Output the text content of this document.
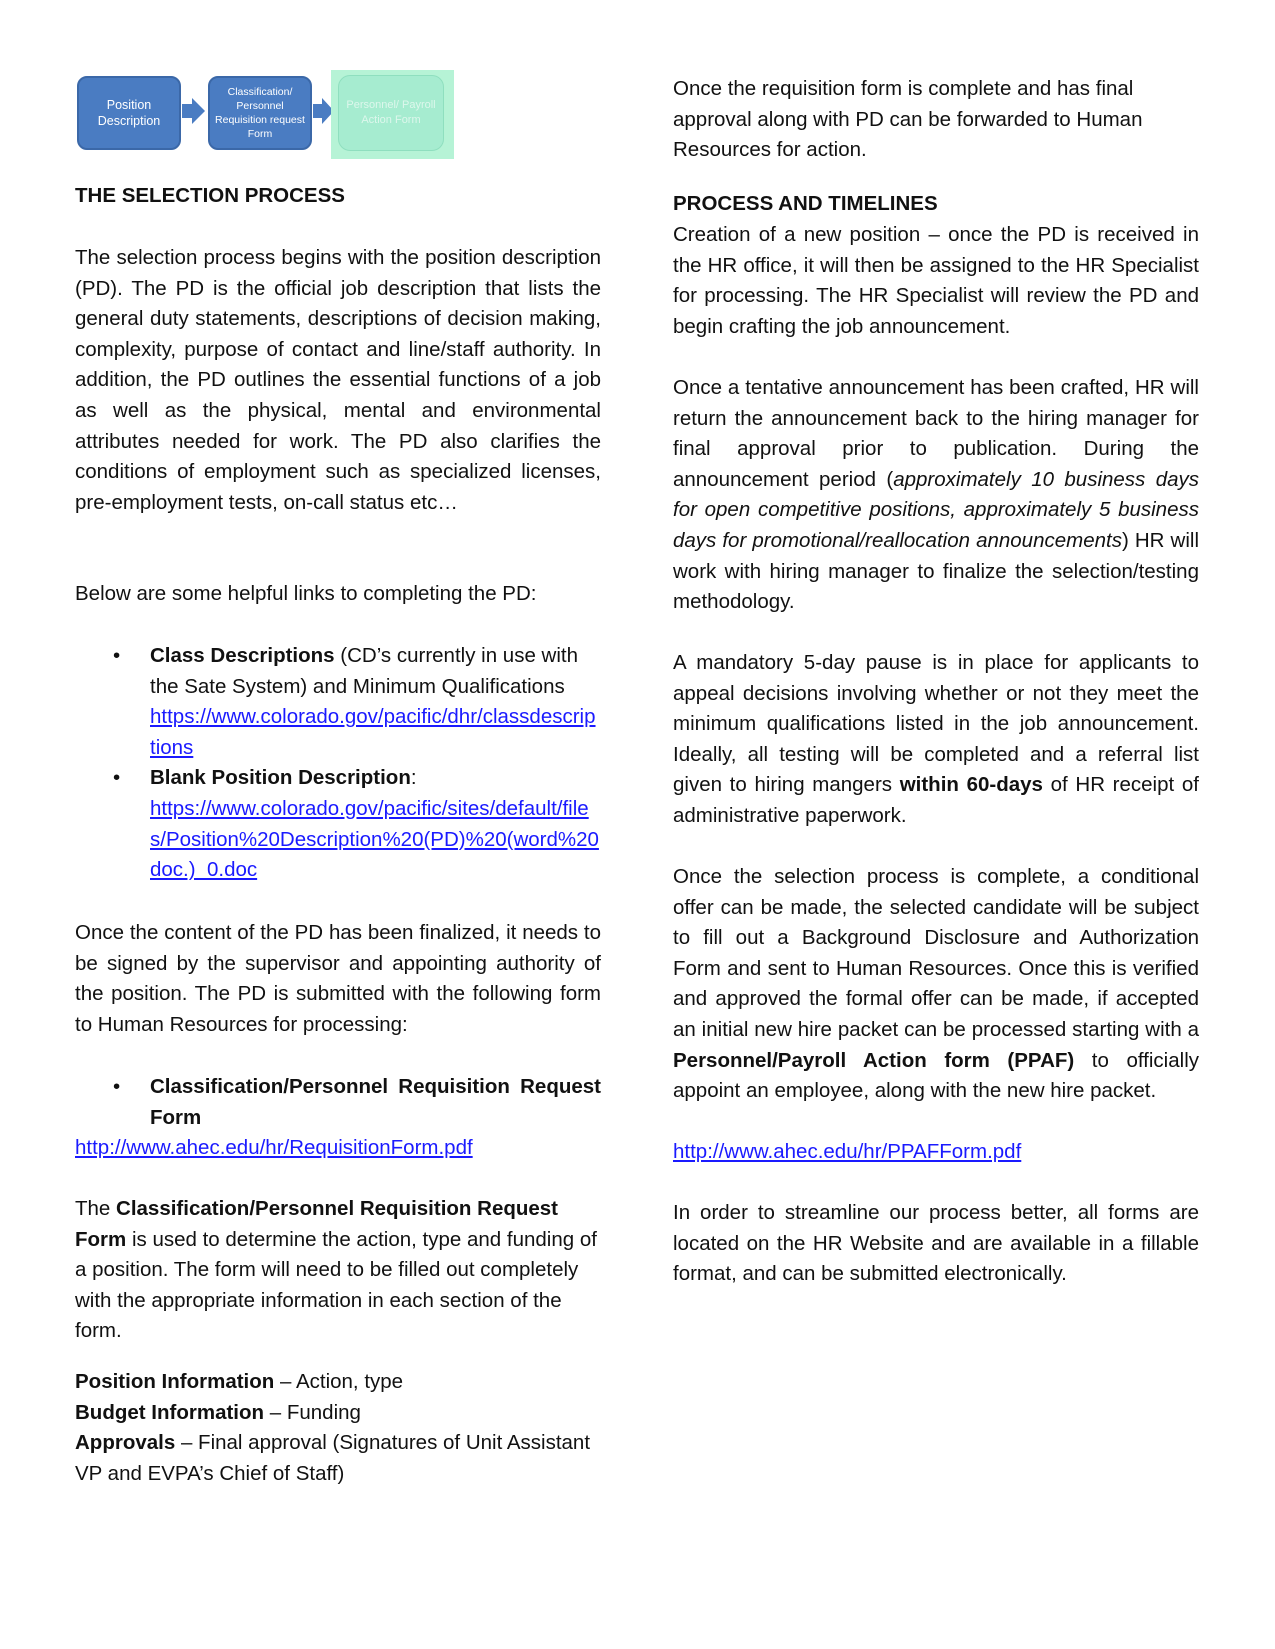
Position Description
Classification/ Personnel Requisition request Form
Personnel/ Payroll Action Form

THE SELECTION PROCESS

The selection process begins with the position description (PD). The PD is the official job description that lists the general duty statements, descriptions of decision making, complexity, purpose of contact and line/staff authority. In addition, the PD outlines the essential functions of a job as well as the physical, mental and environmental attributes needed for work. The PD also clarifies the conditions of employment such as specialized licenses, pre-employment tests, on-call status etc…

Below are some helpful links to completing the PD:

• Class Descriptions (CD’s currently in use with the Sate System) and Minimum Qualifications
https://www.colorado.gov/pacific/dhr/classdescriptions
• Blank Position Description:
https://www.colorado.gov/pacific/sites/default/files/Position%20Description%20(PD)%20(word%20doc.)_0.doc

Once the content of the PD has been finalized, it needs to be signed by the supervisor and appointing authority of the position. The PD is submitted with the following form to Human Resources for processing:

• Classification/Personnel Requisition Request Form

http://www.ahec.edu/hr/RequisitionForm.pdf

The Classification/Personnel Requisition Request Form is used to determine the action, type and funding of a position. The form will need to be filled out completely with the appropriate information in each section of the form.

Position Information – Action, type

Budget Information – Funding

Approvals – Final approval (Signatures of Unit Assistant VP and EVPA’s Chief of Staff)

Once the requisition form is complete and has final approval along with PD can be forwarded to Human Resources for action.

PROCESS AND TIMELINES

Creation of a new position – once the PD is received in the HR office, it will then be assigned to the HR Specialist for processing. The HR Specialist will review the PD and begin crafting the job announcement.

Once a tentative announcement has been crafted, HR will return the announcement back to the hiring manager for final approval prior to publication. During the announcement period (approximately 10 business days for open competitive positions, approximately 5 business days for promotional/reallocation announcements) HR will work with hiring manager to finalize the selection/testing methodology.

A mandatory 5-day pause is in place for applicants to appeal decisions involving whether or not they meet the minimum qualifications listed in the job announcement. Ideally, all testing will be completed and a referral list given to hiring mangers within 60-days of HR receipt of administrative paperwork.

Once the selection process is complete, a conditional offer can be made, the selected candidate will be subject to fill out a Background Disclosure and Authorization Form and sent to Human Resources. Once this is verified and approved the formal offer can be made, if accepted an initial new hire packet can be processed starting with a Personnel/Payroll Action form (PPAF) to officially appoint an employee, along with the new hire packet.

http://www.ahec.edu/hr/PPAFForm.pdf

In order to streamline our process better, all forms are located on the HR Website and are available in a fillable format, and can be submitted electronically.
